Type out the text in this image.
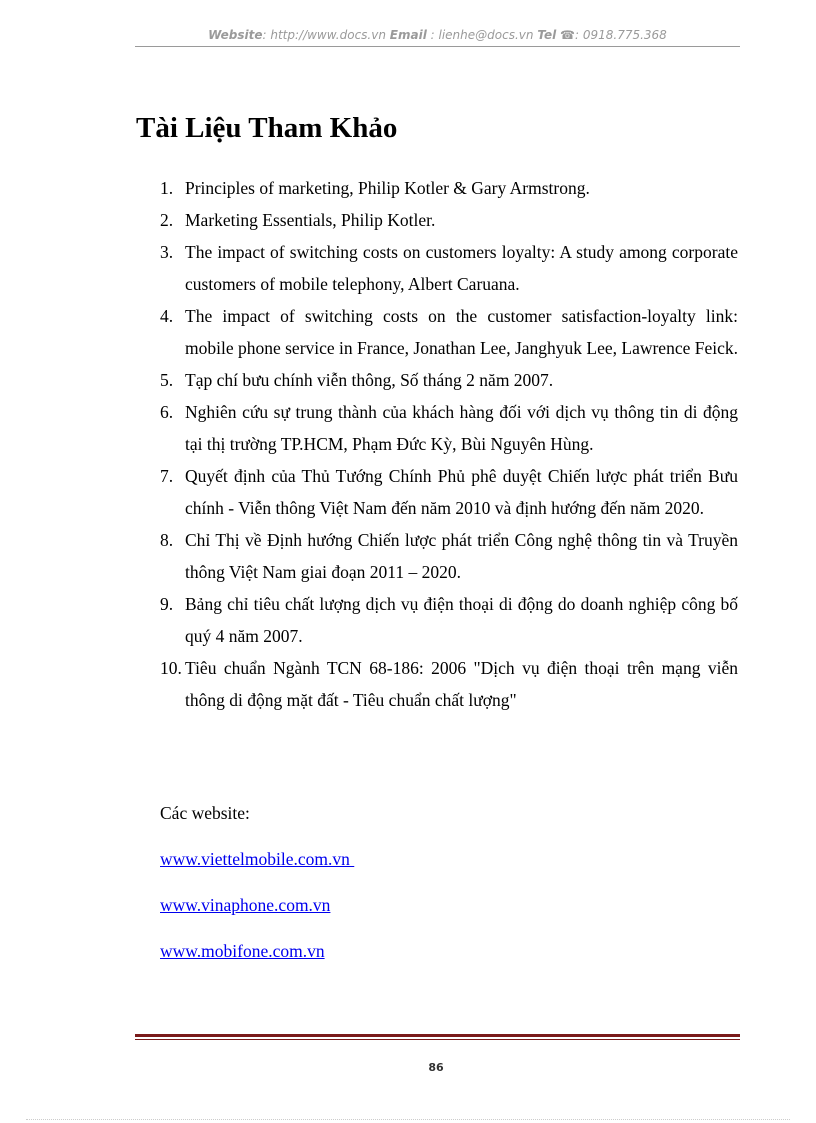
Website: http://www.docs.vn Email : lienhe@docs.vn Tel ☎: 0918.775.368
Tài Liệu Tham Khảo
1. Principles of marketing, Philip Kotler & Gary Armstrong.
2. Marketing Essentials, Philip Kotler.
3. The impact of switching costs on customers loyalty: A study among corporate customers of mobile telephony, Albert Caruana.
4. The impact of switching costs on the customer satisfaction-loyalty link: mobile phone service in France, Jonathan Lee, Janghyuk Lee, Lawrence Feick.
5. Tạp chí bưu chính viễn thông, Số tháng 2 năm 2007.
6. Nghiên cứu sự trung thành của khách hàng đối với dịch vụ thông tin di động tại thị trường TP.HCM, Phạm Đức Kỳ, Bùi Nguyên Hùng.
7. Quyết định của Thủ Tướng Chính Phủ phê duyệt Chiến lược phát triển Bưu chính - Viễn thông Việt Nam đến năm 2010 và định hướng đến năm 2020.
8. Chỉ Thị về Định hướng Chiến lược phát triển Công nghệ thông tin và Truyền thông Việt Nam giai đoạn 2011 – 2020.
9. Bảng chỉ tiêu chất lượng dịch vụ điện thoại di động do doanh nghiệp công bố quý 4 năm 2007.
10. Tiêu chuẩn Ngành TCN 68-186: 2006 "Dịch vụ điện thoại trên mạng viễn thông di động mặt đất - Tiêu chuẩn chất lượng"
Các website:
www.viettelmobile.com.vn
www.vinaphone.com.vn
www.mobifone.com.vn
86
